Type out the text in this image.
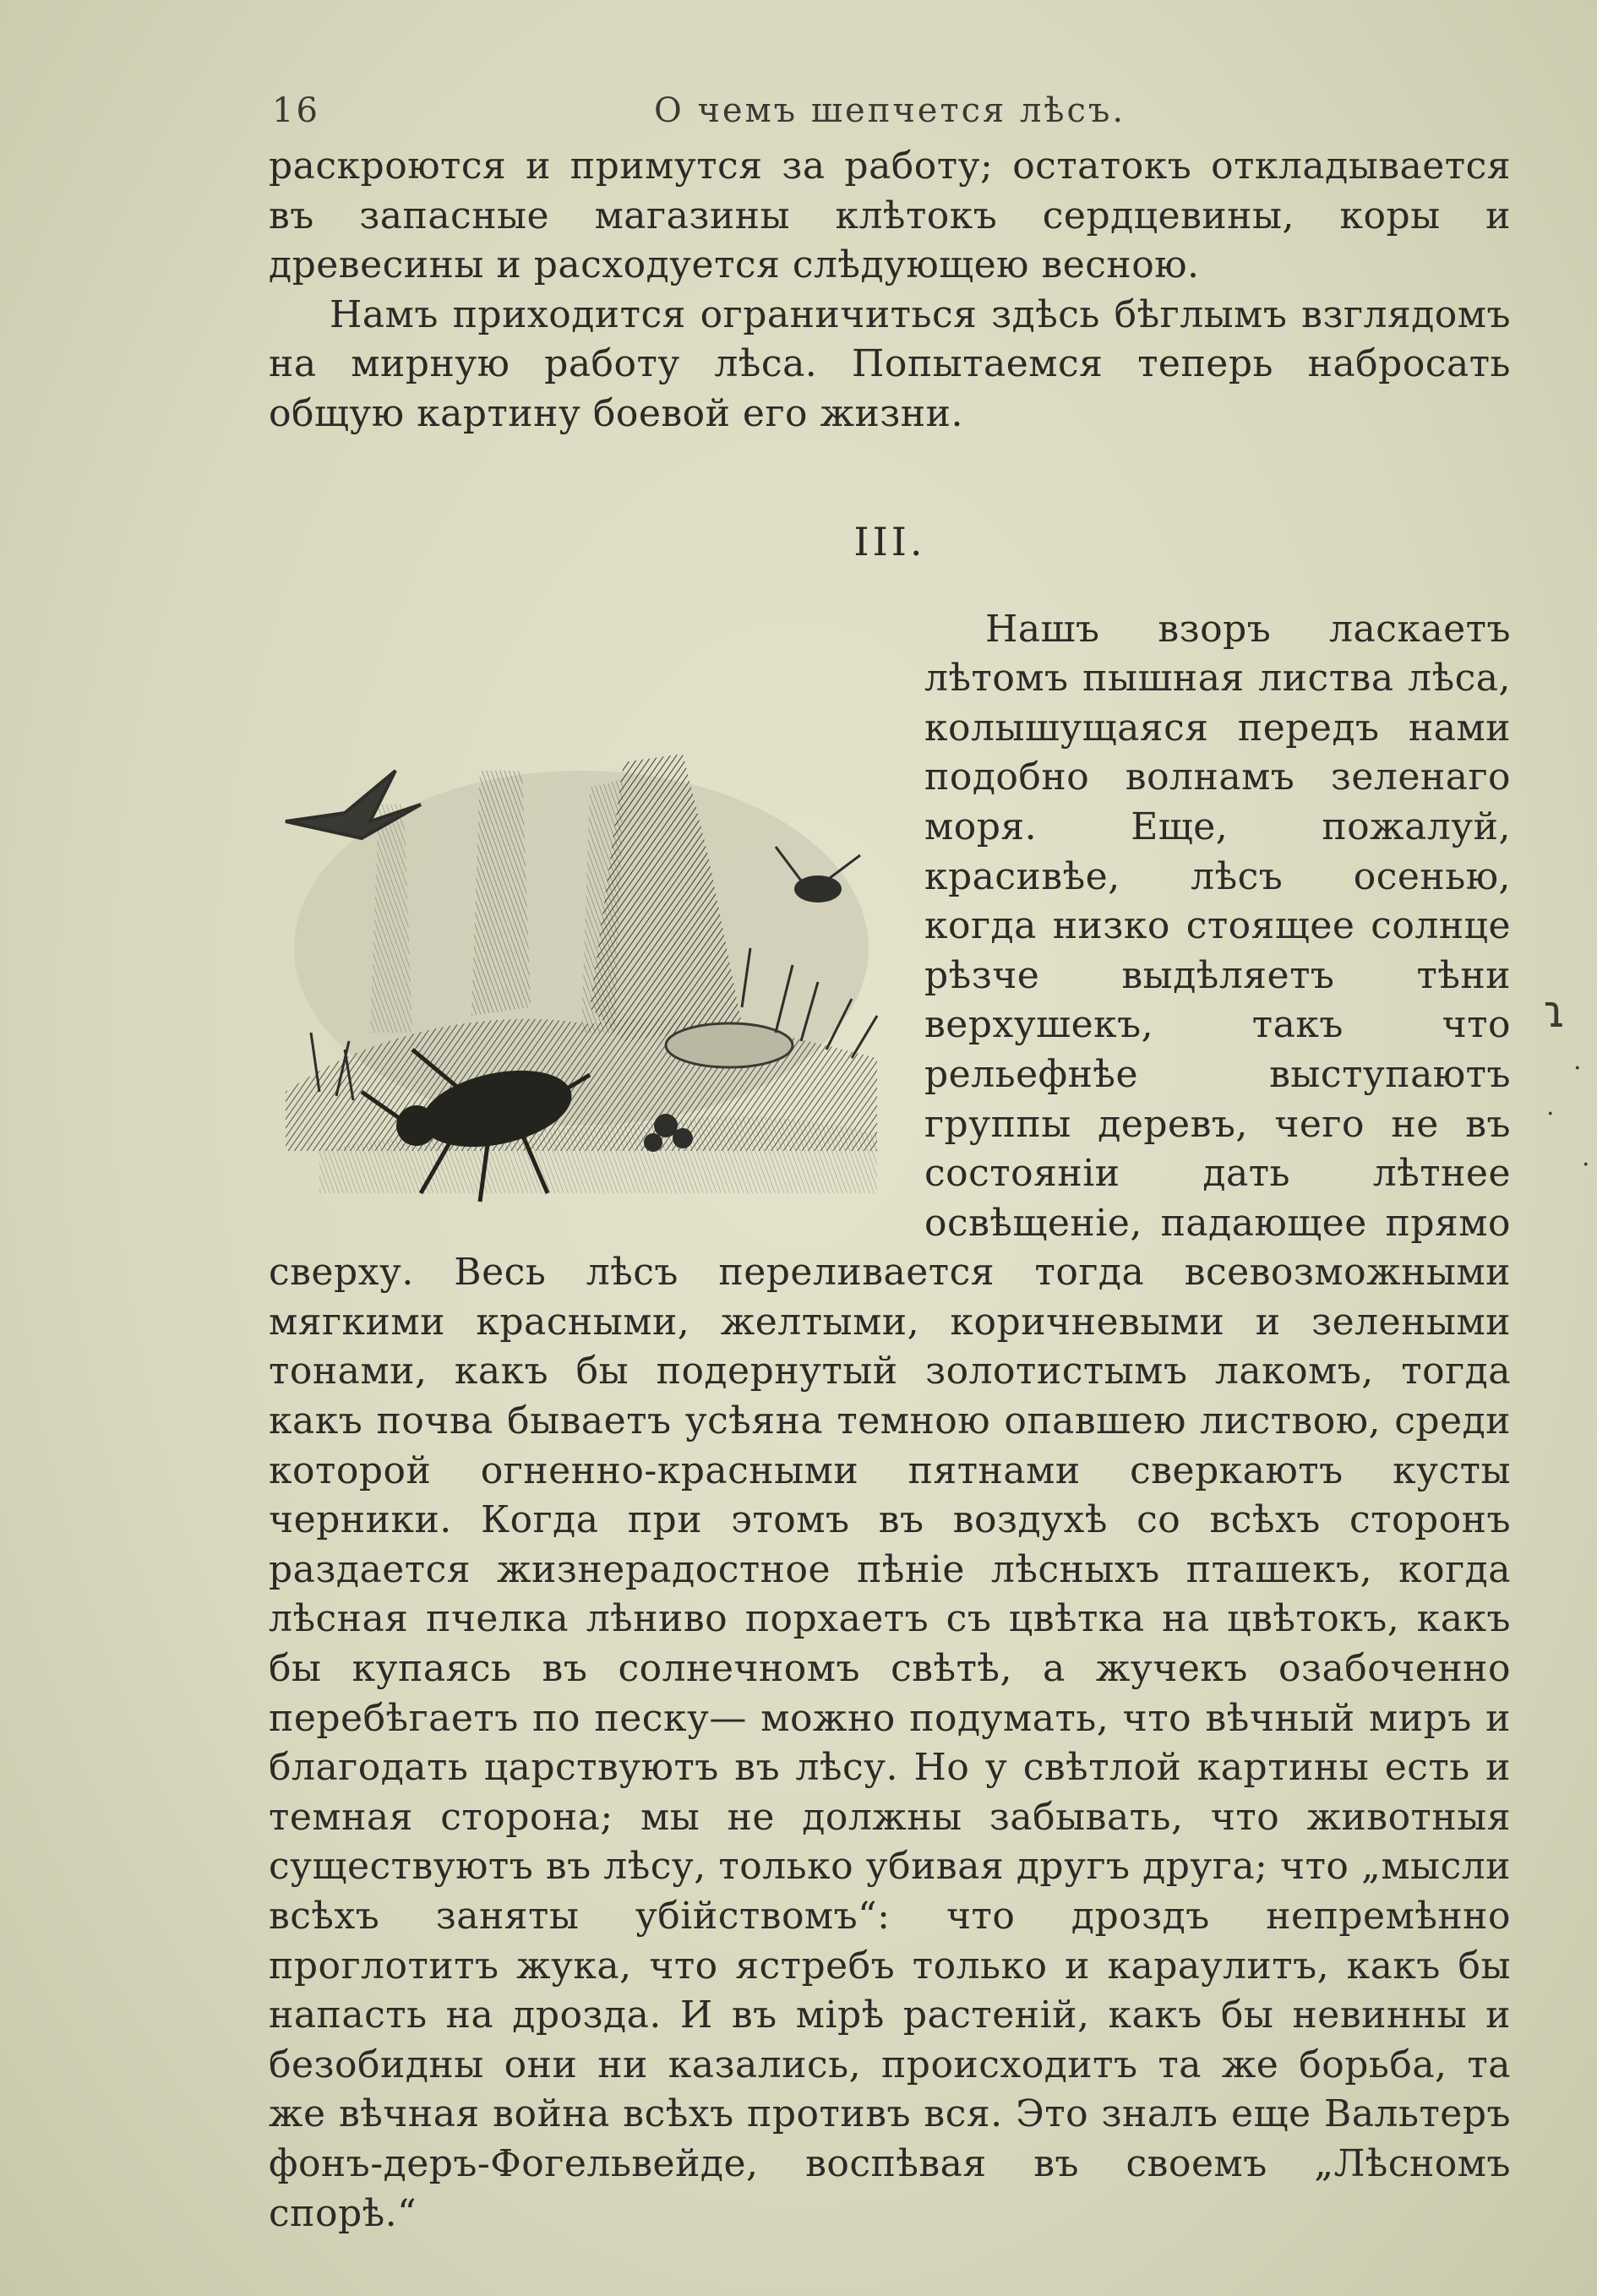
16	О чемъ шепчется лѣсъ.

раскроются и примутся за работу; остатокъ откладывается въ запасные магазины клѣтокъ сердцевины, коры и древесины и расходуется слѣдующею весною.

Намъ приходится ограничиться здѣсь бѣглымъ взглядомъ на мирную работу лѣса. Попытаемся теперь набросать общую картину боевой его жизни.

III.

Нашъ взоръ ласкаетъ лѣтомъ пышная листва лѣса, колышущаяся передъ нами подобно волнамъ зеленаго моря. Еще, пожалуй, красивѣе, лѣсъ осенью, когда низко стоящее солнце рѣзче выдѣляетъ тѣни верхушекъ, такъ что рельефнѣе выступаютъ группы деревъ, чего не въ состояніи дать лѣтнее освѣщеніе, падающее прямо сверху. Весь лѣсъ переливается тогда всевозможными мягкими красными, желтыми, коричневыми и зелеными тонами, какъ бы подернутый золотистымъ лакомъ, тогда какъ почва бываетъ усѣяна темною опавшею листвою, среди которой огненно-красными пятнами сверкаютъ кусты черники. Когда при этомъ въ воздухѣ со всѣхъ сторонъ раздается жизнерадостное пѣніе лѣсныхъ пташекъ, когда лѣсная пчелка лѣниво порхаетъ съ цвѣтка на цвѣтокъ, какъ бы купаясь въ солнечномъ свѣтѣ, а жучекъ озабоченно перебѣгаетъ по песку— можно подумать, что вѣчный миръ и благодать царствуютъ въ лѣсу. Но у свѣтлой картины есть и темная сторона; мы не должны забывать, что животныя существуютъ въ лѣсу, только убивая другъ друга; что „мысли всѣхъ заняты убійствомъ“: что дроздъ непремѣнно проглотитъ жука, что ястребъ только и караулитъ, какъ бы напасть на дрозда. И въ мірѣ растеній, какъ бы невинны и безобидны они ни казались, происходитъ та же борьба, та же вѣчная война всѣхъ противъ вся. Это зналъ еще Вальтеръ фонъ-деръ-Фогельвейде, воспѣвая въ своемъ „Лѣсномъ спорѣ.“

ɿ
.
.
.
